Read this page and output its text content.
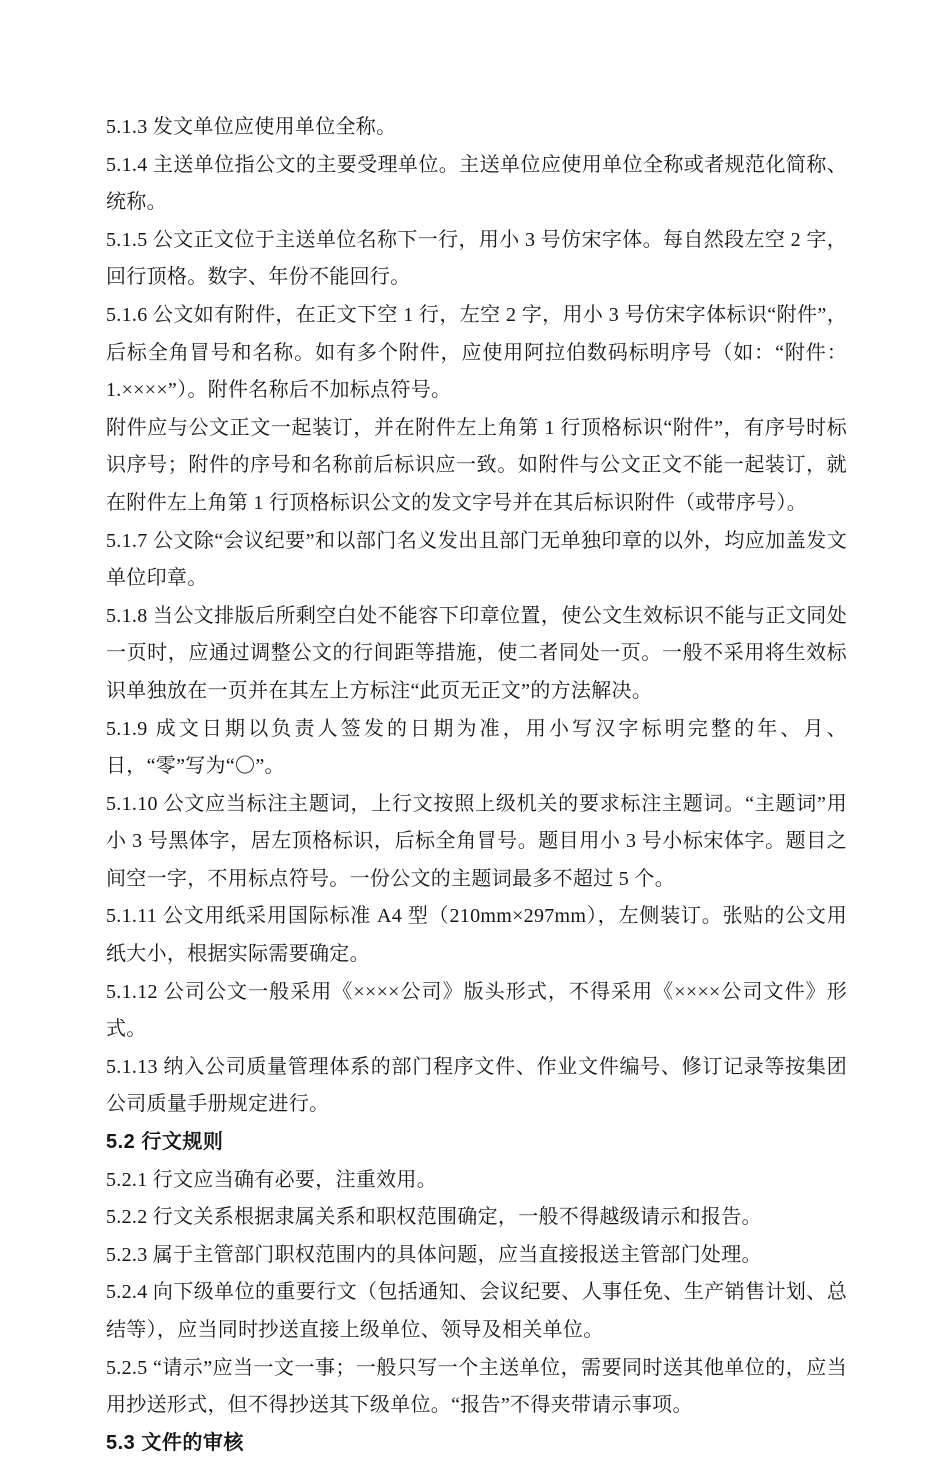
5.1.3 发文单位应使用单位全称。

5.1.4 主送单位指公文的主要受理单位。主送单位应使用单位全称或者规范化简称、统称。

5.1.5 公文正文位于主送单位名称下一行，用小 3 号仿宋字体。每自然段左空 2 字，回行顶格。数字、年份不能回行。

5.1.6 公文如有附件，在正文下空 1 行，左空 2 字，用小 3 号仿宋字体标识“附件”，后标全角冒号和名称。如有多个附件，应使用阿拉伯数码标明序号（如：“附件：1.××××”）。附件名称后不加标点符号。

附件应与公文正文一起装订，并在附件左上角第 1 行顶格标识“附件”，有序号时标识序号；附件的序号和名称前后标识应一致。如附件与公文正文不能一起装订，就在附件左上角第 1 行顶格标识公文的发文字号并在其后标识附件（或带序号）。

5.1.7 公文除“会议纪要”和以部门名义发出且部门无单独印章的以外，均应加盖发文单位印章。

5.1.8 当公文排版后所剩空白处不能容下印章位置，使公文生效标识不能与正文同处一页时，应通过调整公文的行间距等措施，使二者同处一页。一般不采用将生效标识单独放在一页并在其左上方标注“此页无正文”的方法解决。

5.1.9 成文日期以负责人签发的日期为准，用小写汉字标明完整的年、月、日，“零”写为“〇”。

5.1.10 公文应当标注主题词，上行文按照上级机关的要求标注主题词。“主题词”用小 3 号黑体字，居左顶格标识，后标全角冒号。题目用小 3 号小标宋体字。题目之间空一字，不用标点符号。一份公文的主题词最多不超过 5 个。

5.1.11 公文用纸采用国际标准 A4 型（210mm×297mm），左侧装订。张贴的公文用纸大小，根据实际需要确定。

5.1.12 公司公文一般采用《××××公司》版头形式，不得采用《××××公司文件》形式。

5.1.13 纳入公司质量管理体系的部门程序文件、作业文件编号、修订记录等按集团公司质量手册规定进行。

5.2 行文规则

5.2.1 行文应当确有必要，注重效用。

5.2.2 行文关系根据隶属关系和职权范围确定，一般不得越级请示和报告。

5.2.3 属于主管部门职权范围内的具体问题，应当直接报送主管部门处理。

5.2.4 向下级单位的重要行文（包括通知、会议纪要、人事任免、生产销售计划、总结等），应当同时抄送直接上级单位、领导及相关单位。

5.2.5 “请示”应当一文一事；一般只写一个主送单位，需要同时送其他单位的，应当用抄送形式，但不得抄送其下级单位。“报告”不得夹带请示事项。

5.3 文件的审核
